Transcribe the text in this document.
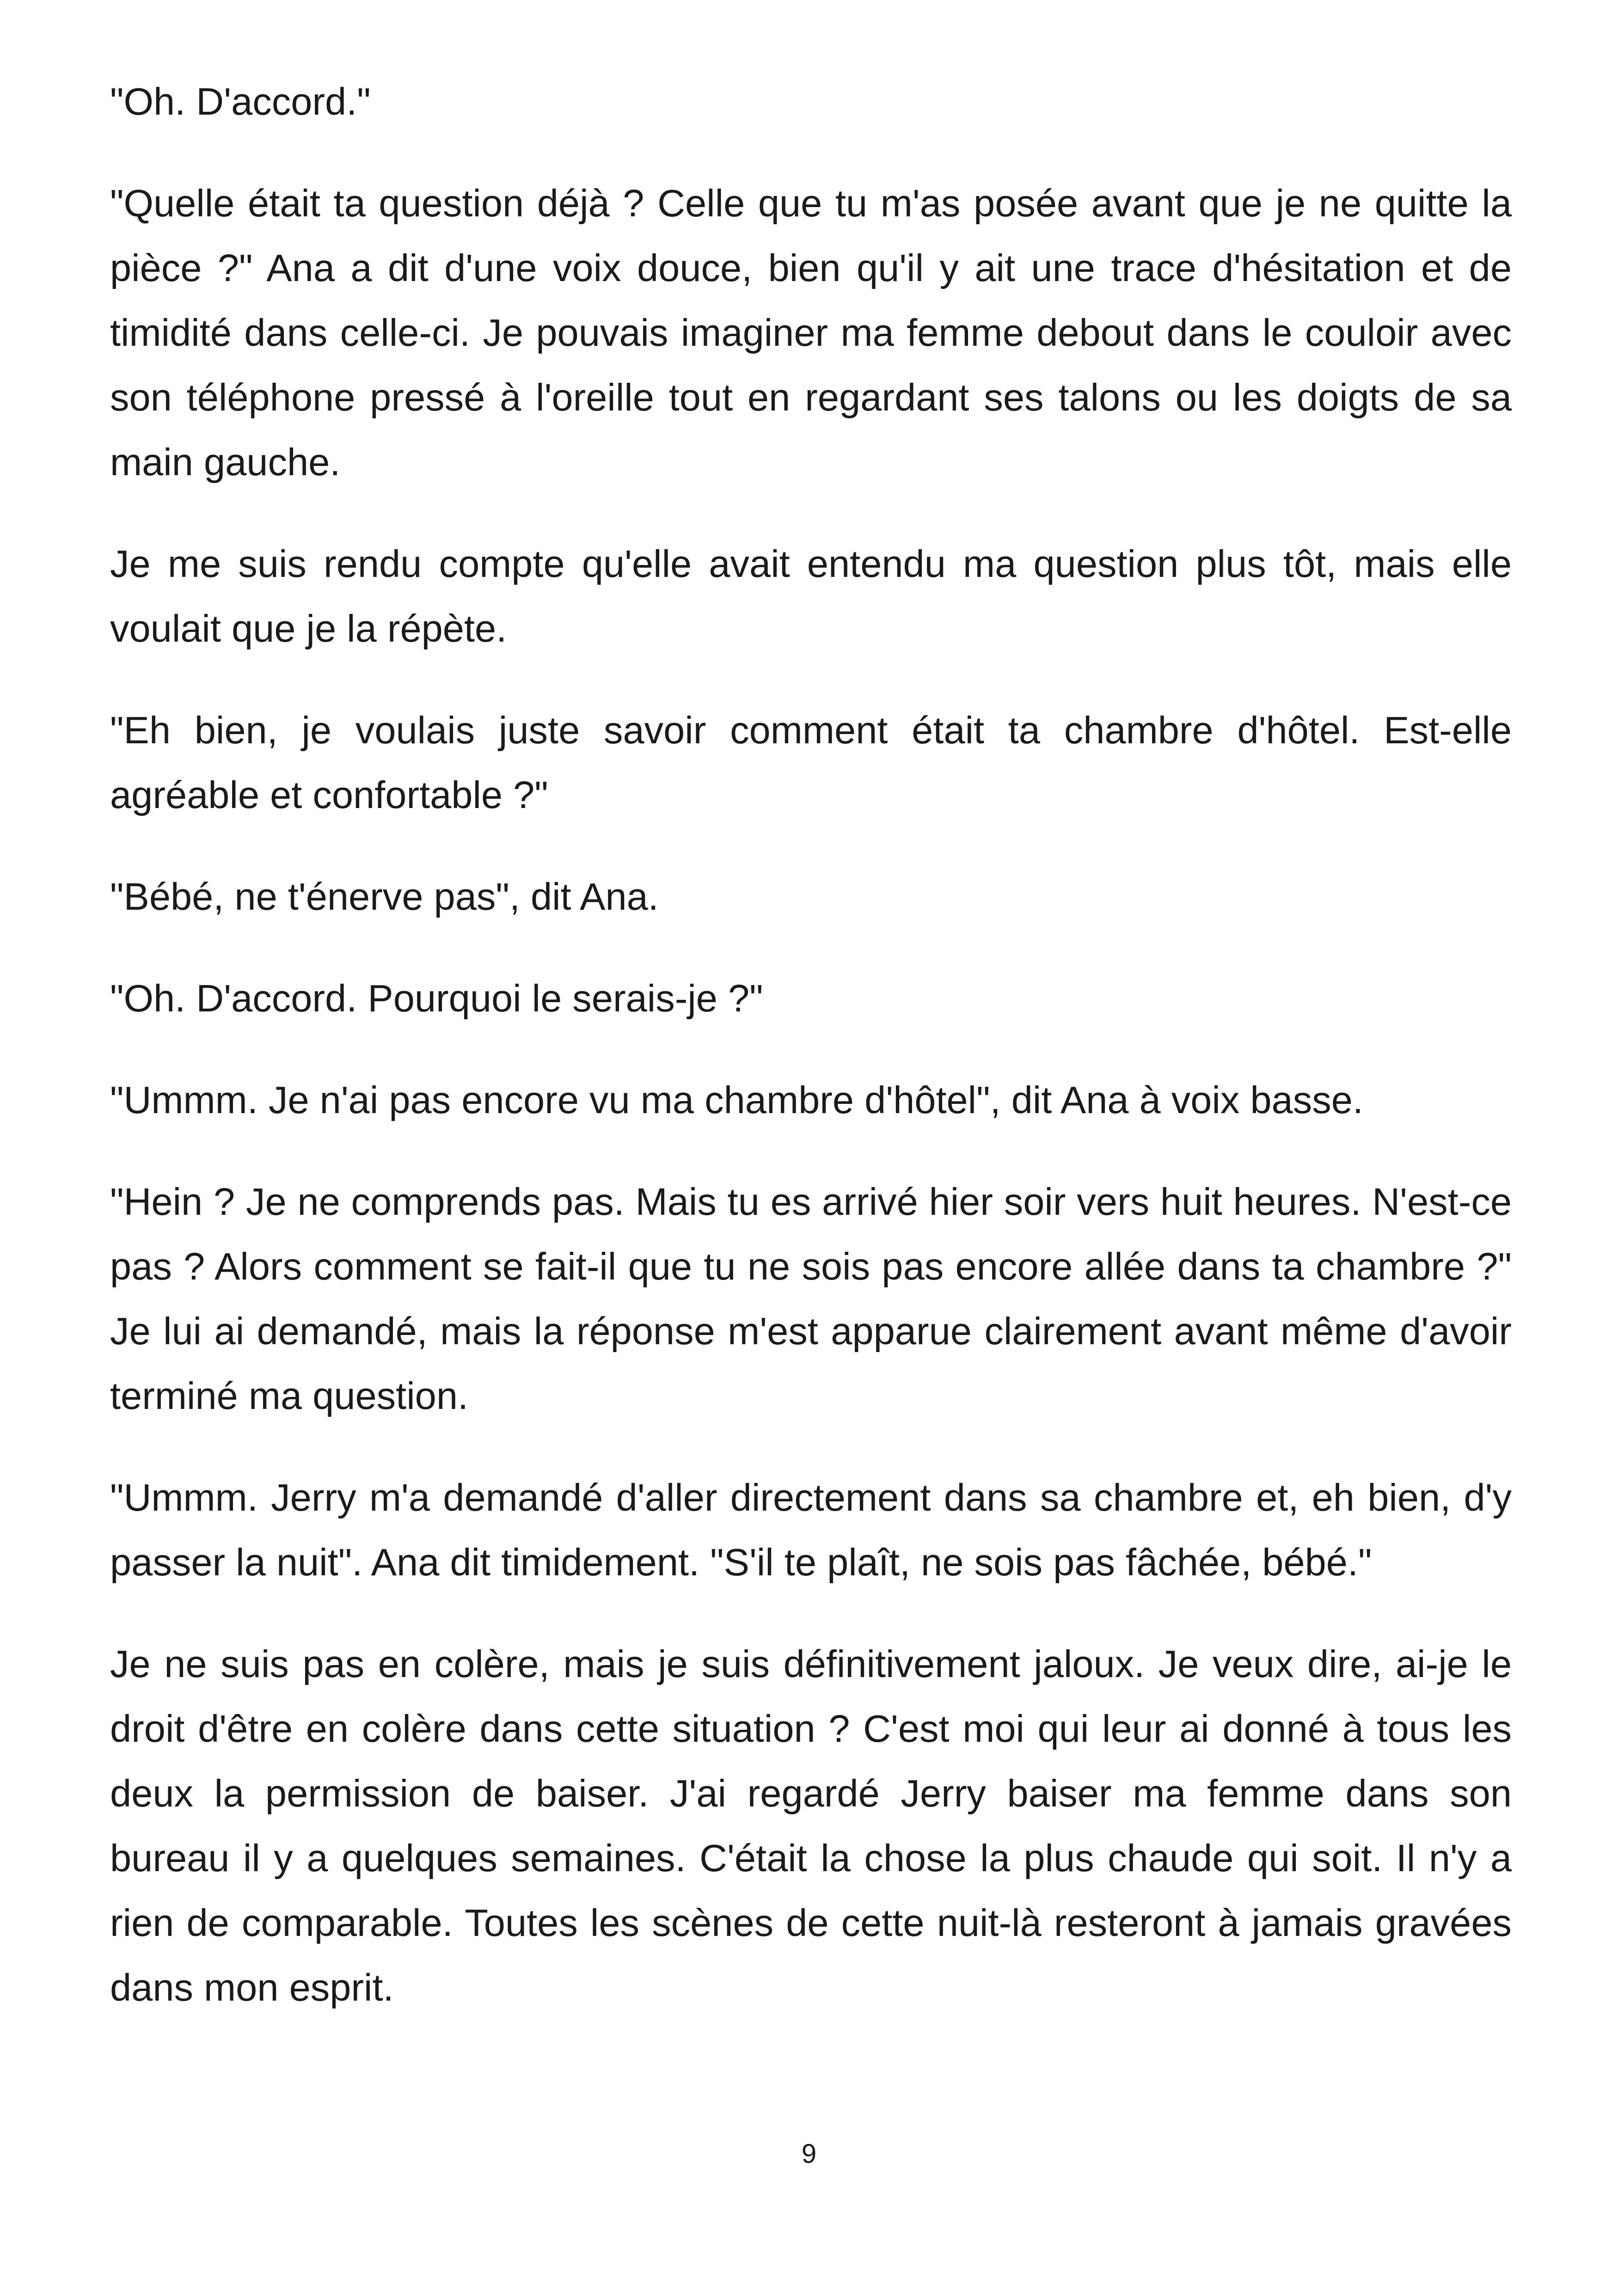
"Oh. D'accord."

"Quelle était ta question déjà ? Celle que tu m'as posée avant que je ne quitte la pièce ?" Ana a dit d'une voix douce, bien qu'il y ait une trace d'hésitation et de timidité dans celle-ci. Je pouvais imaginer ma femme debout dans le couloir avec son téléphone pressé à l'oreille tout en regardant ses talons ou les doigts de sa main gauche.

Je me suis rendu compte qu'elle avait entendu ma question plus tôt, mais elle voulait que je la répète.

"Eh bien, je voulais juste savoir comment était ta chambre d'hôtel. Est-elle agréable et confortable ?"

"Bébé, ne t'énerve pas", dit Ana.

"Oh. D'accord. Pourquoi le serais-je ?"

"Ummm. Je n'ai pas encore vu ma chambre d'hôtel", dit Ana à voix basse.

"Hein ? Je ne comprends pas. Mais tu es arrivé hier soir vers huit heures. N'est-ce pas ? Alors comment se fait-il que tu ne sois pas encore allée dans ta chambre ?" Je lui ai demandé, mais la réponse m'est apparue clairement avant même d'avoir terminé ma question.

"Ummm. Jerry m'a demandé d'aller directement dans sa chambre et, eh bien, d'y passer la nuit". Ana dit timidement. "S'il te plaît, ne sois pas fâchée, bébé."

Je ne suis pas en colère, mais je suis définitivement jaloux. Je veux dire, ai-je le droit d'être en colère dans cette situation ? C'est moi qui leur ai donné à tous les deux la permission de baiser. J'ai regardé Jerry baiser ma femme dans son bureau il y a quelques semaines. C'était la chose la plus chaude qui soit. Il n'y a rien de comparable. Toutes les scènes de cette nuit-là resteront à jamais gravées dans mon esprit.

9
